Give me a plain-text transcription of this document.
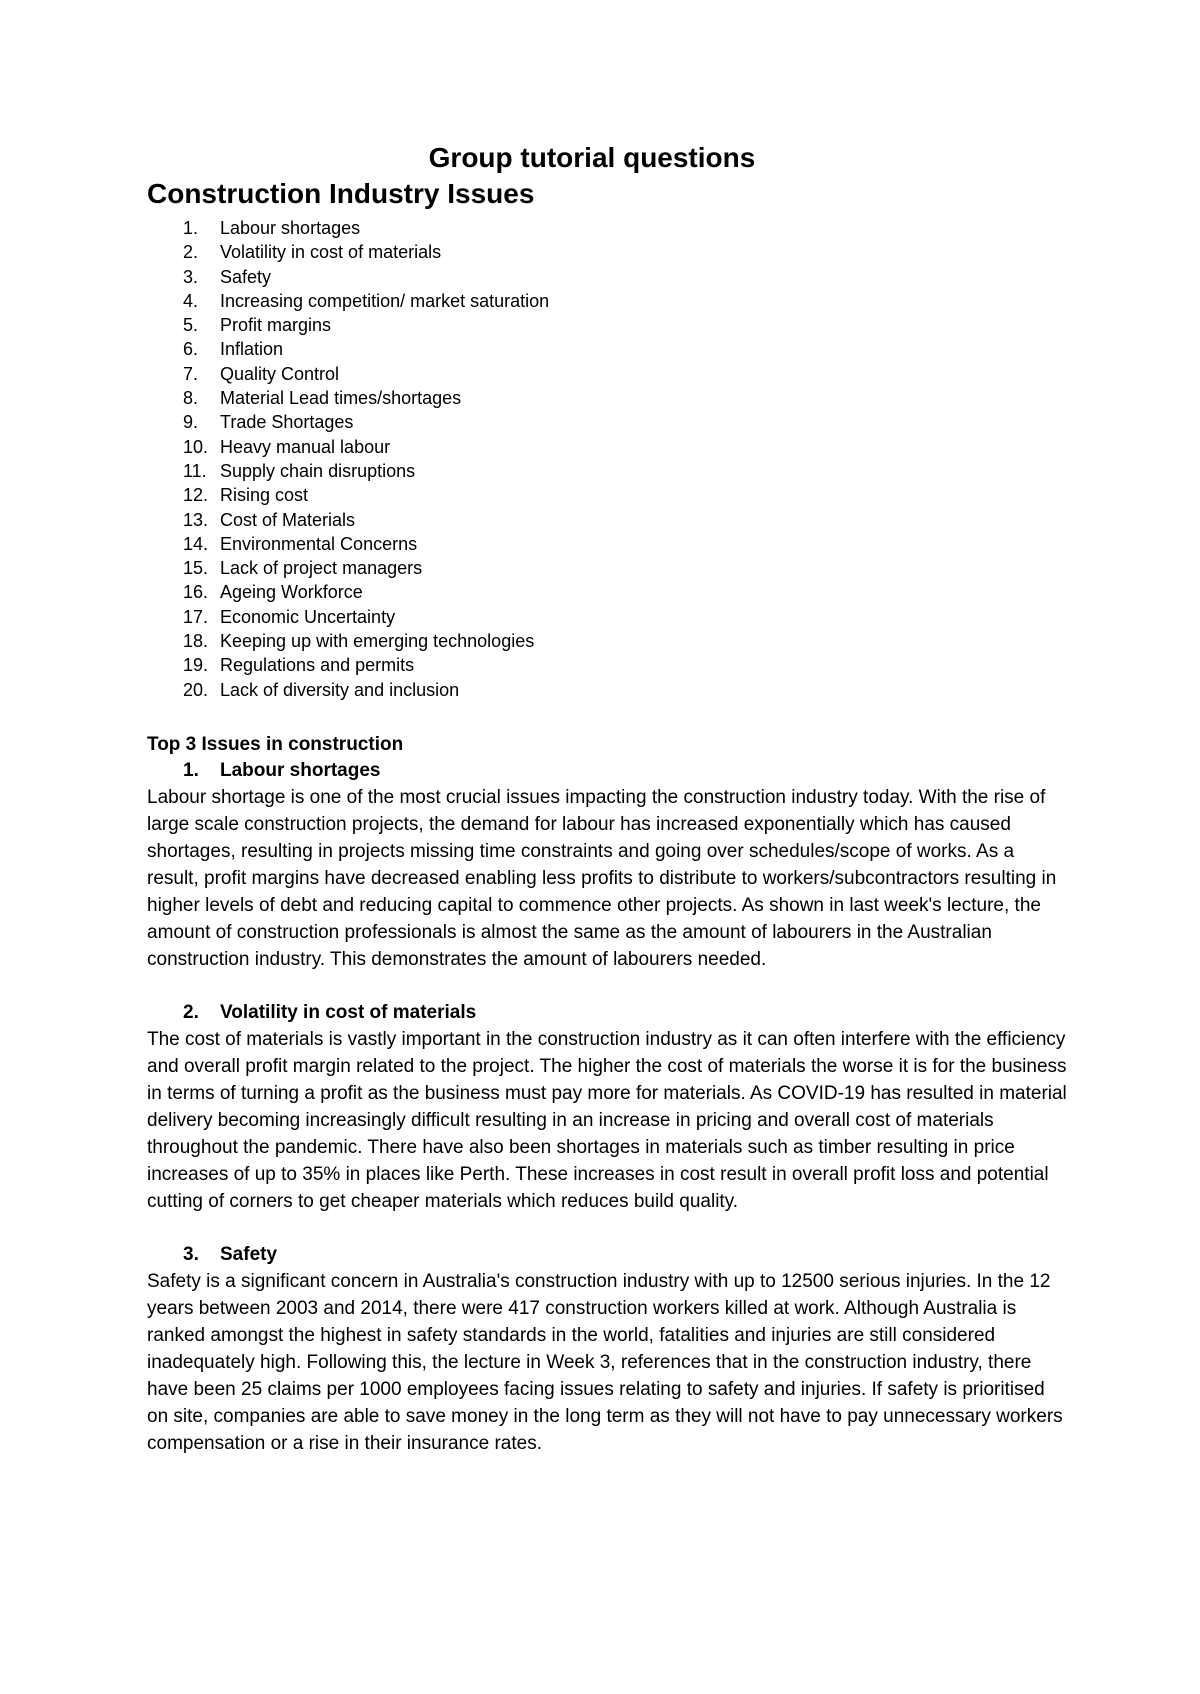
Group tutorial questions
Construction Industry Issues
1.	Labour shortages
2.	Volatility in cost of materials
3.	Safety
4.	Increasing competition/ market saturation
5.	Profit margins
6.	Inflation
7.	Quality Control
8.	Material Lead times/shortages
9.	Trade Shortages
10. Heavy manual labour
11. Supply chain disruptions
12. Rising cost
13. Cost of Materials
14. Environmental Concerns
15. Lack of project managers
16. Ageing Workforce
17. Economic Uncertainty
18. Keeping up with emerging technologies
19. Regulations and permits
20. Lack of diversity and inclusion

Top 3 Issues in construction

1. Labour shortages

Labour shortage is one of the most crucial issues impacting the construction industry today. With the rise of large scale construction projects, the demand for labour has increased exponentially which has caused shortages, resulting in projects missing time constraints and going over schedules/scope of works. As a result, profit margins have decreased enabling less profits to distribute to workers/subcontractors resulting in higher levels of debt and reducing capital to commence other projects. As shown in last week's lecture, the amount of construction professionals is almost the same as the amount of labourers in the Australian construction industry. This demonstrates the amount of labourers needed.

2. Volatility in cost of materials

The cost of materials is vastly important in the construction industry as it can often interfere with the efficiency and overall profit margin related to the project. The higher the cost of materials the worse it is for the business in terms of turning a profit as the business must pay more for materials. As COVID-19 has resulted in material delivery becoming increasingly difficult resulting in an increase in pricing and overall cost of materials throughout the pandemic. There have also been shortages in materials such as timber resulting in price increases of up to 35% in places like Perth. These increases in cost result in overall profit loss and potential cutting of corners to get cheaper materials which reduces build quality.

3. Safety

Safety is a significant concern in Australia's construction industry with up to 12500 serious injuries. In the 12 years between 2003 and 2014, there were 417 construction workers killed at work. Although Australia is ranked amongst the highest in safety standards in the world, fatalities and injuries are still considered inadequately high. Following this, the lecture in Week 3, references that in the construction industry, there have been 25 claims per 1000 employees facing issues relating to safety and injuries. If safety is prioritised on site, companies are able to save money in the long term as they will not have to pay unnecessary workers compensation or a rise in their insurance rates.
